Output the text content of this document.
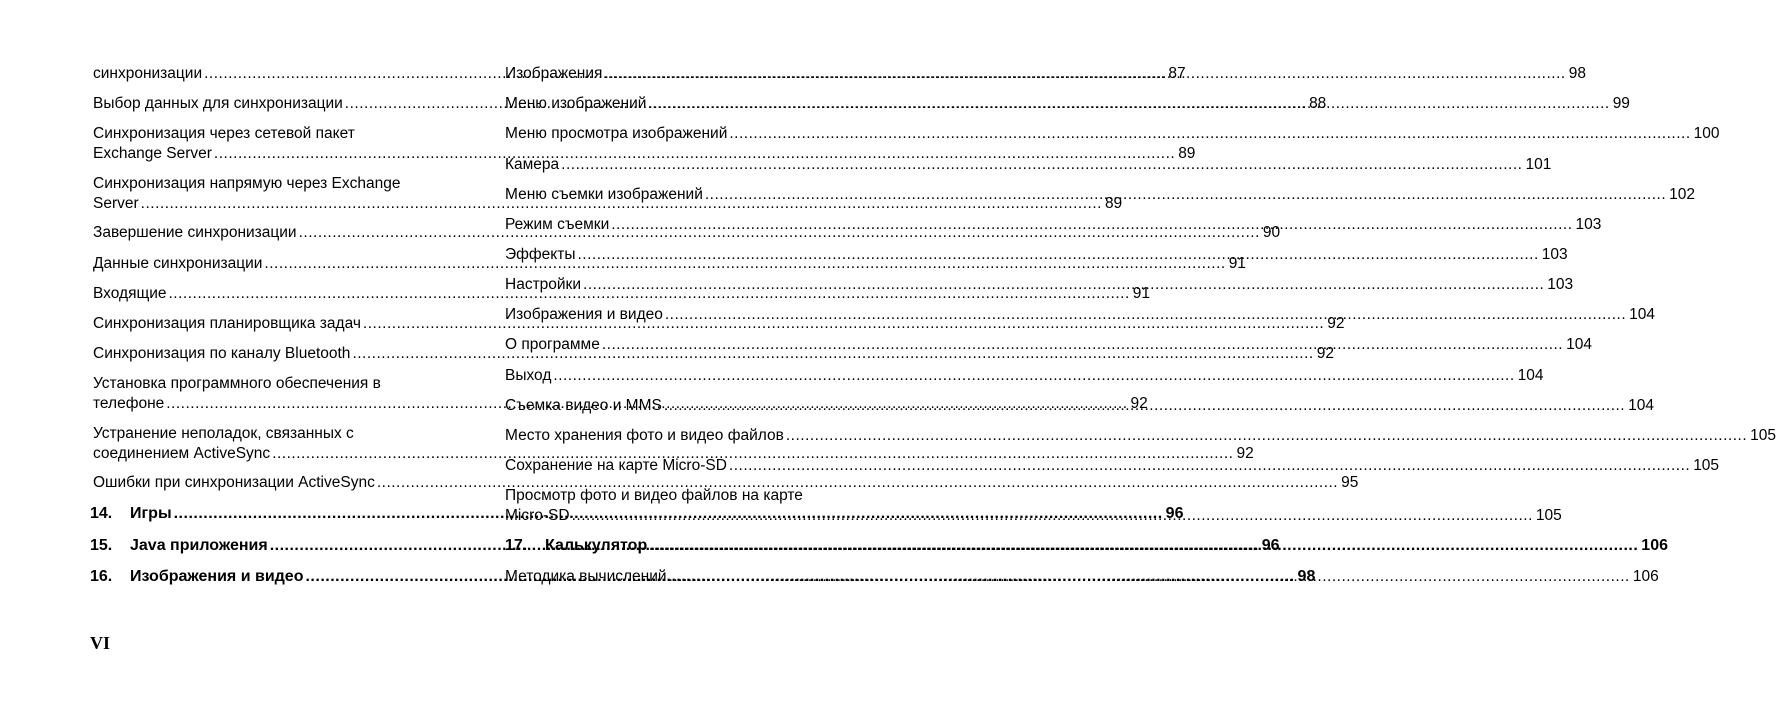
синхронизации .....	87
Выбор данных для синхронизации .....	88
Синхронизация через сетевой пакет
Exchange Server .....	89
Синхронизация напрямую через Exchange
Server .....	89
Завершение синхронизации .....	90
Данные синхронизации .....	91
Входящие .....	91
Синхронизация планировщика задач .....	92
Синхронизация по каналу Bluetooth .....	92
Установка программного обеспечения в
телефоне .....	92
Устранение неполадок, связанных с
соединением ActiveSync .....	92
Ошибки при синхронизации ActiveSync .....	95
14.	Игры .....	96
15.	Java приложения .....	96
16.	Изображения и видео .....	98
Изображения .....	98
Меню изображений .....	99
Меню просмотра изображений .....	100
Камера .....	101
Меню съемки изображений .....	102
Режим съемки .....	103
Эффекты .....	103
Настройки .....	103
Изображения и видео .....	104
О программе .....	104
Выход .....	104
Съемка видео и MMS .....	104
Место хранения фото и видео файлов .....	105
Сохранение на карте Micro-SD .....	105
Просмотр фото и видео файлов на карте
Micro-SD .....	105
17.	Калькулятор .....	106
Методика вычислений .....	106
VI
